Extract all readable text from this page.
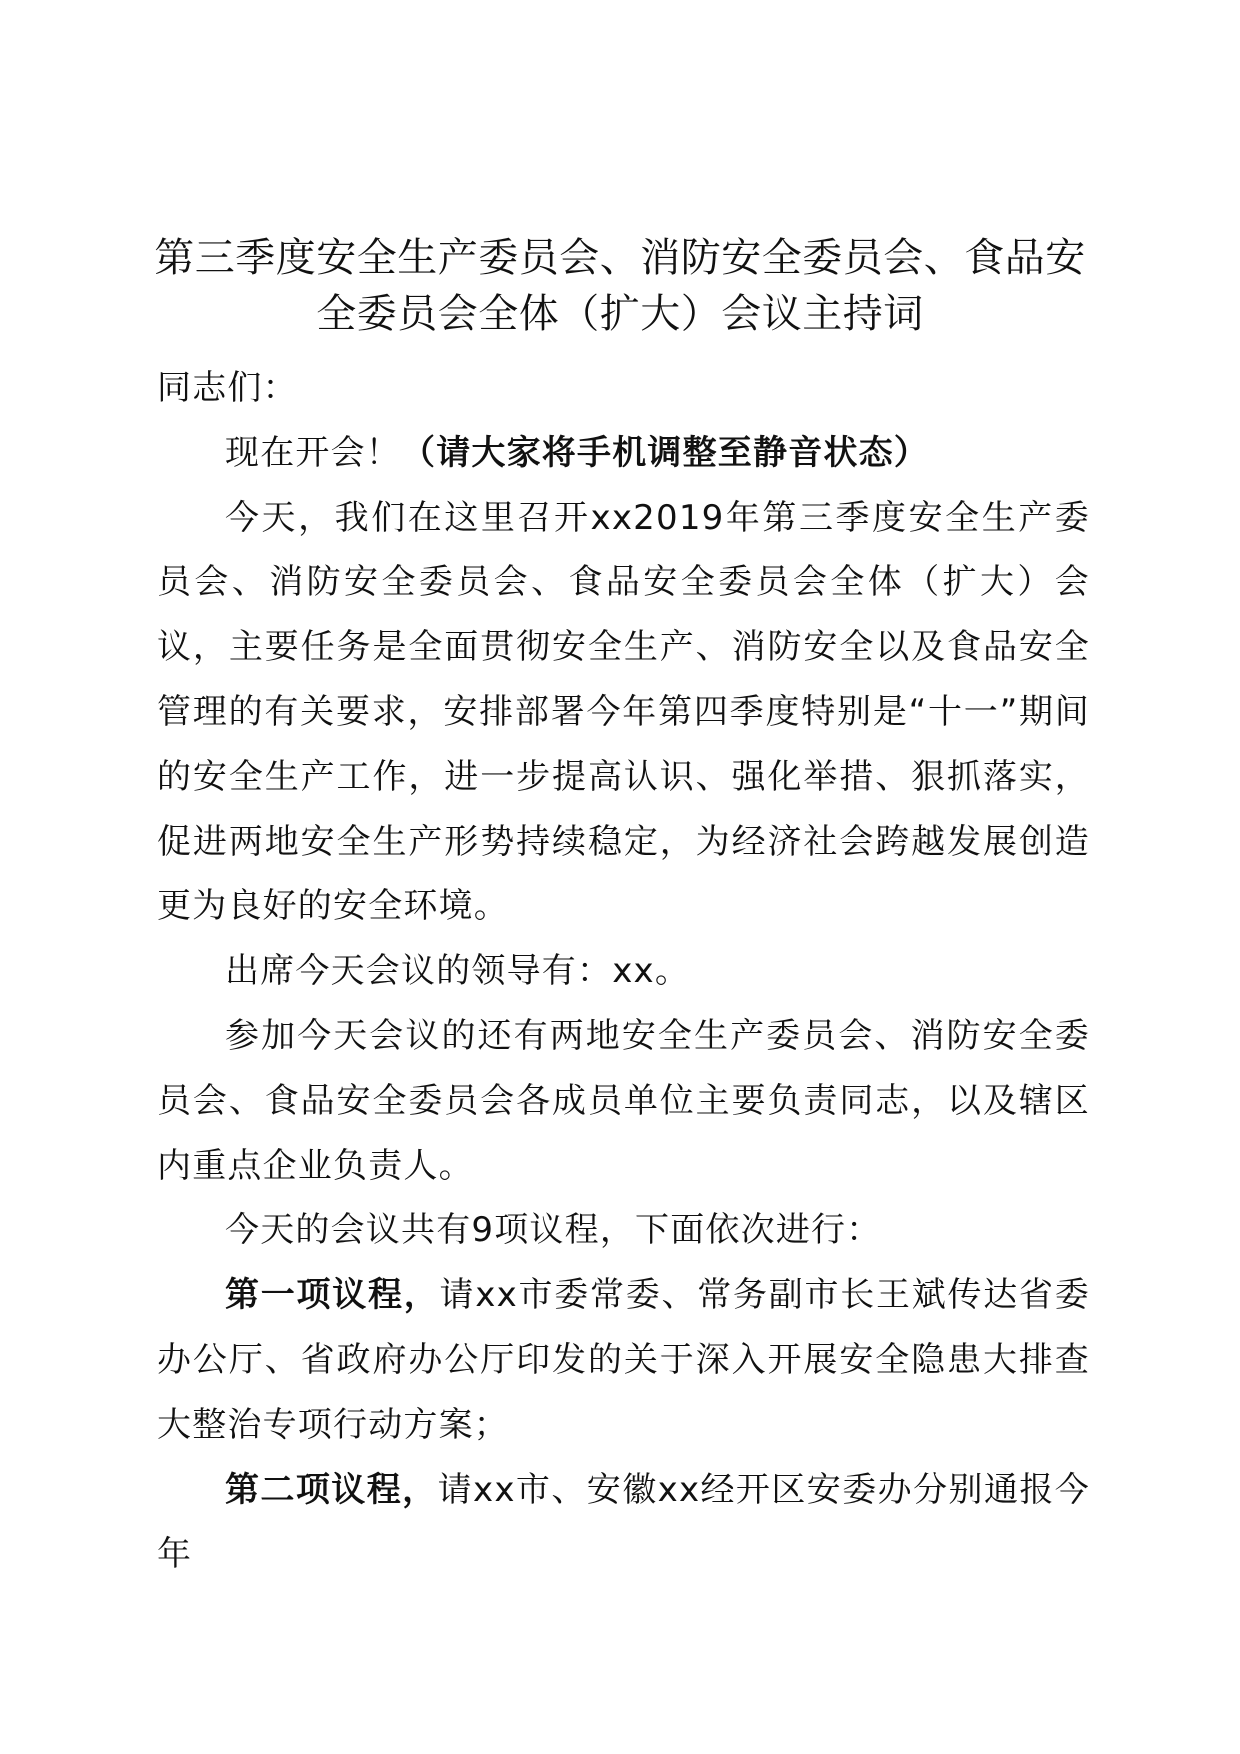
第三季度安全生产委员会、消防安全委员会、食品安全委员会全体（扩大）会议主持词

同志们：

现在开会！（请大家将手机调整至静音状态）

今天，我们在这里召开xx2019年第三季度安全生产委员会、消防安全委员会、食品安全委员会全体（扩大）会议，主要任务是全面贯彻安全生产、消防安全以及食品安全管理的有关要求，安排部署今年第四季度特别是“十一”期间的安全生产工作，进一步提高认识、强化举措、狠抓落实，促进两地安全生产形势持续稳定，为经济社会跨越发展创造更为良好的安全环境。

出席今天会议的领导有：xx。

参加今天会议的还有两地安全生产委员会、消防安全委员会、食品安全委员会各成员单位主要负责同志，以及辖区内重点企业负责人。

今天的会议共有9项议程，下面依次进行：

第一项议程，请xx市委常委、常务副市长王斌传达省委办公厅、省政府办公厅印发的关于深入开展安全隐患大排查大整治专项行动方案；

第二项议程，请xx市、安徽xx经开区安委办分别通报今年
